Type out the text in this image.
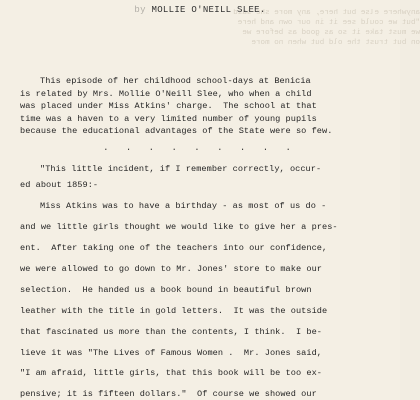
anywhere else but here, any more she said
"but we could see it in our own and here
we must take it so as good as before we
on but trust the old but when no more

by MOLLIE O'NEILL SLEE.
This episode of her childhood school-days at Benicia
is related by Mrs. Mollie O'Neill Slee, who when a child
was placed under Miss Atkins' charge.  The school at that
time was a haven to a very limited number of young pupils
because the educational advantages of the State were so few.
. . . . . . . . .
"This little incident, if I remember correctly, occur-
ed about 1859:-
Miss Atkins was to have a birthday - as most of us do -
and we little girls thought we would like to give her a pres-
ent.  After taking one of the teachers into our confidence,
we were allowed to go down to Mr. Jones' store to make our
selection.  He handed us a book bound in beautiful brown
leather with the title in gold letters.  It was the outside
that fascinated us more than the contents, I think.  I be-
lieve it was "The Lives of Famous Women .  Mr. Jones said,
"I am afraid, little girls, that this book will be too ex-
pensive; it is fifteen dollars."  Of course we showed our
